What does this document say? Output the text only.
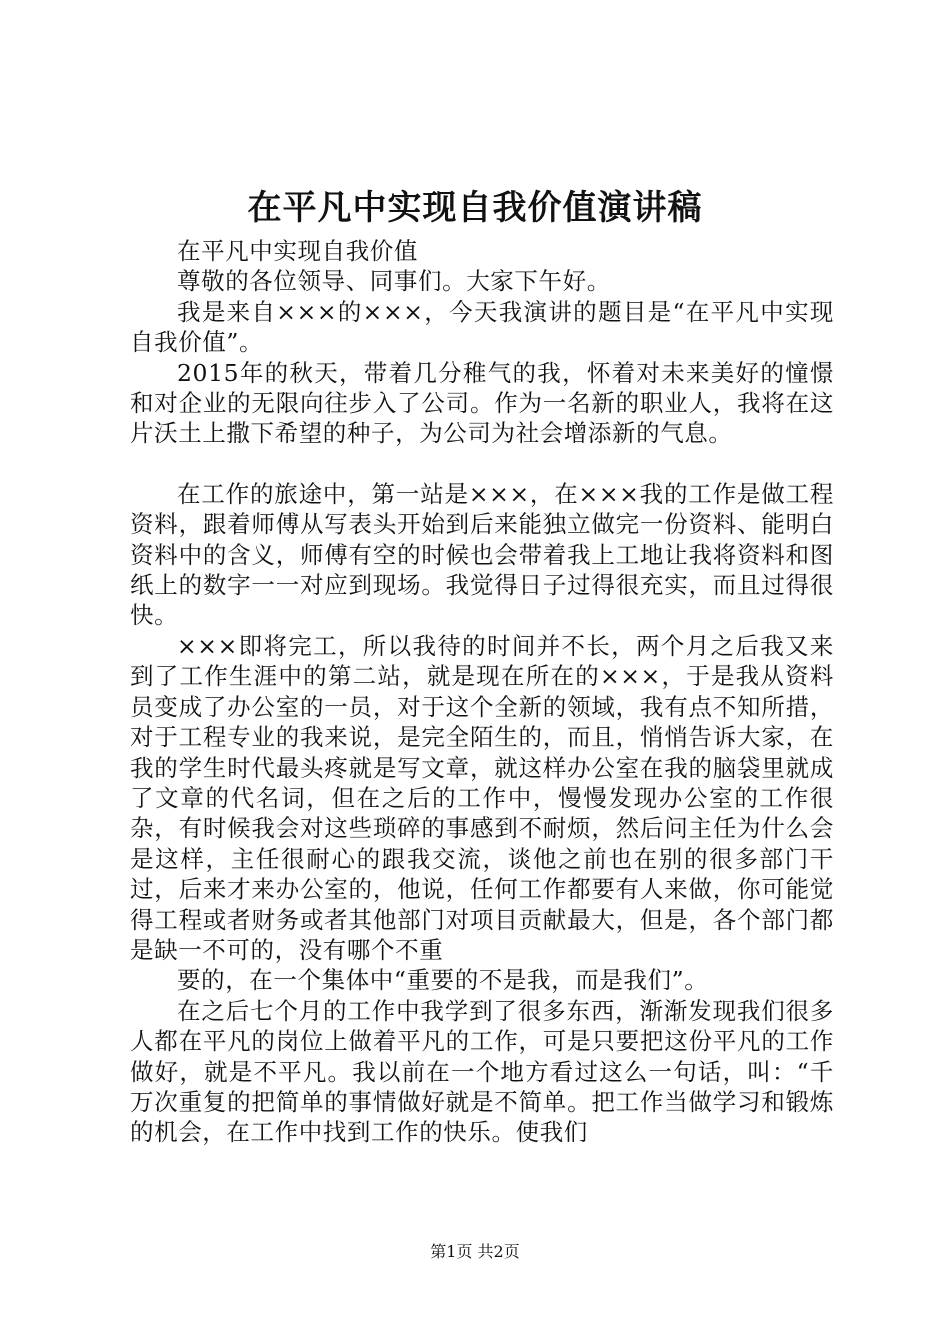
在平凡中实现自我价值演讲稿

在平凡中实现自我价值

尊敬的各位领导、同事们。大家下午好。

我是来自×××的×××，今天我演讲的题目是“在平凡中实现自我价值”。

2015年的秋天，带着几分稚气的我，怀着对未来美好的憧憬和对企业的无限向往步入了公司。作为一名新的职业人，我将在这片沃土上撒下希望的种子，为公司为社会增添新的气息。

在工作的旅途中，第一站是×××，在×××我的工作是做工程资料，跟着师傅从写表头开始到后来能独立做完一份资料、能明白资料中的含义，师傅有空的时候也会带着我上工地让我将资料和图纸上的数字一一对应到现场。我觉得日子过得很充实，而且过得很快。

×××即将完工，所以我待的时间并不长，两个月之后我又来到了工作生涯中的第二站，就是现在所在的×××，于是我从资料员变成了办公室的一员，对于这个全新的领域，我有点不知所措，对于工程专业的我来说，是完全陌生的，而且，悄悄告诉大家，在我的学生时代最头疼就是写文章，就这样办公室在我的脑袋里就成了文章的代名词，但在之后的工作中，慢慢发现办公室的工作很杂，有时候我会对这些琐碎的事感到不耐烦，然后问主任为什么会是这样，主任很耐心的跟我交流，谈他之前也在别的很多部门干过，后来才来办公室的，他说，任何工作都要有人来做，你可能觉得工程或者财务或者其他部门对项目贡献最大，但是，各个部门都是缺一不可的，没有哪个不重

要的，在一个集体中“重要的不是我，而是我们”。

在之后七个月的工作中我学到了很多东西，渐渐发现我们很多人都在平凡的岗位上做着平凡的工作，可是只要把这份平凡的工作做好，就是不平凡。我以前在一个地方看过这么一句话，叫：“千万次重复的把简单的事情做好就是不简单。把工作当做学习和锻炼的机会，在工作中找到工作的快乐。使我们

第1页 共2页
